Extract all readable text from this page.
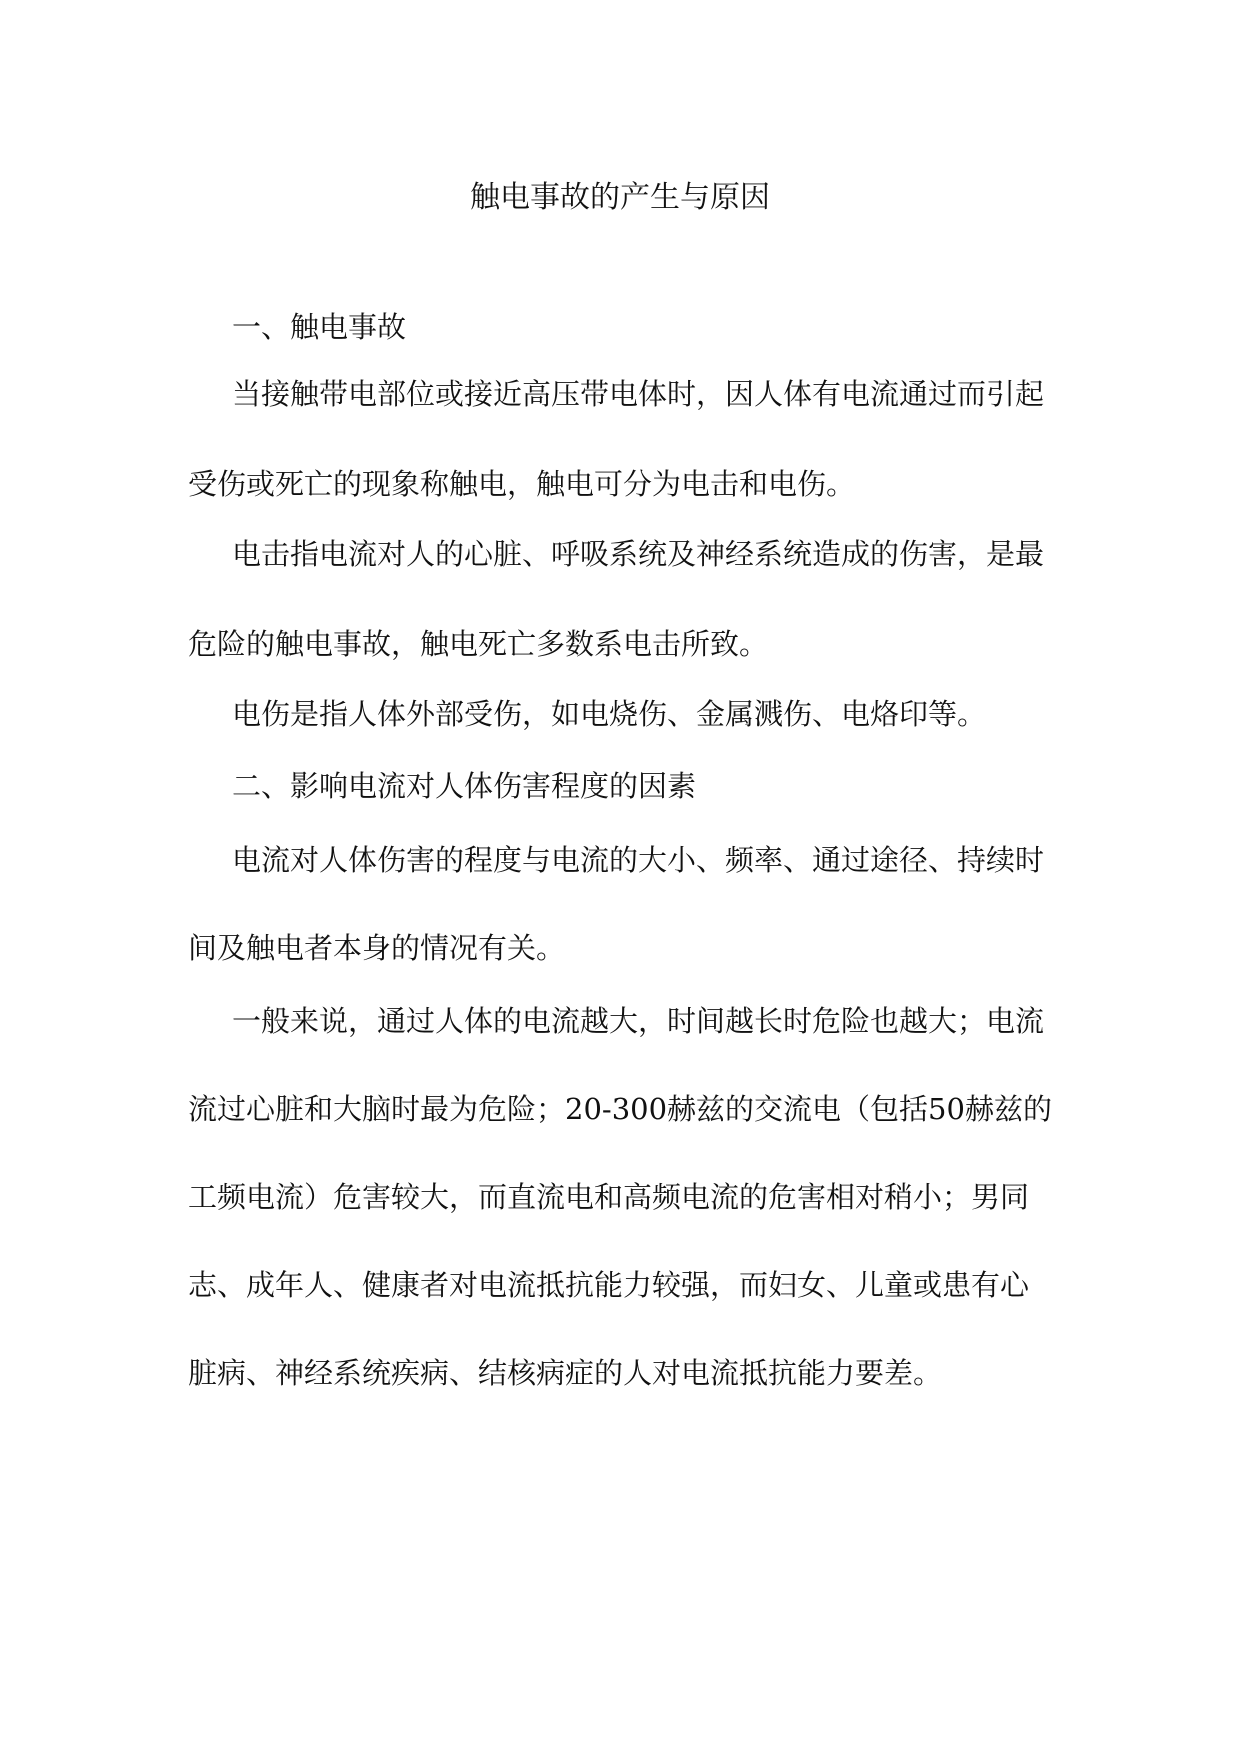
触电事故的产生与原因
一、触电事故

当接触带电部位或接近高压带电体时，因人体有电流通过而引起

受伤或死亡的现象称触电，触电可分为电击和电伤。

电击指电流对人的心脏、呼吸系统及神经系统造成的伤害，是最

危险的触电事故，触电死亡多数系电击所致。

电伤是指人体外部受伤，如电烧伤、金属溅伤、电烙印等。

二、影响电流对人体伤害程度的因素

电流对人体伤害的程度与电流的大小、频率、通过途径、持续时

间及触电者本身的情况有关。

一般来说，通过人体的电流越大，时间越长时危险也越大；电流

流过心脏和大脑时最为危险；20-300赫兹的交流电（包括50赫兹的

工频电流）危害较大，而直流电和高频电流的危害相对稍小；男同

志、成年人、健康者对电流抵抗能力较强，而妇女、儿童或患有心

脏病、神经系统疾病、结核病症的人对电流抵抗能力要差。
